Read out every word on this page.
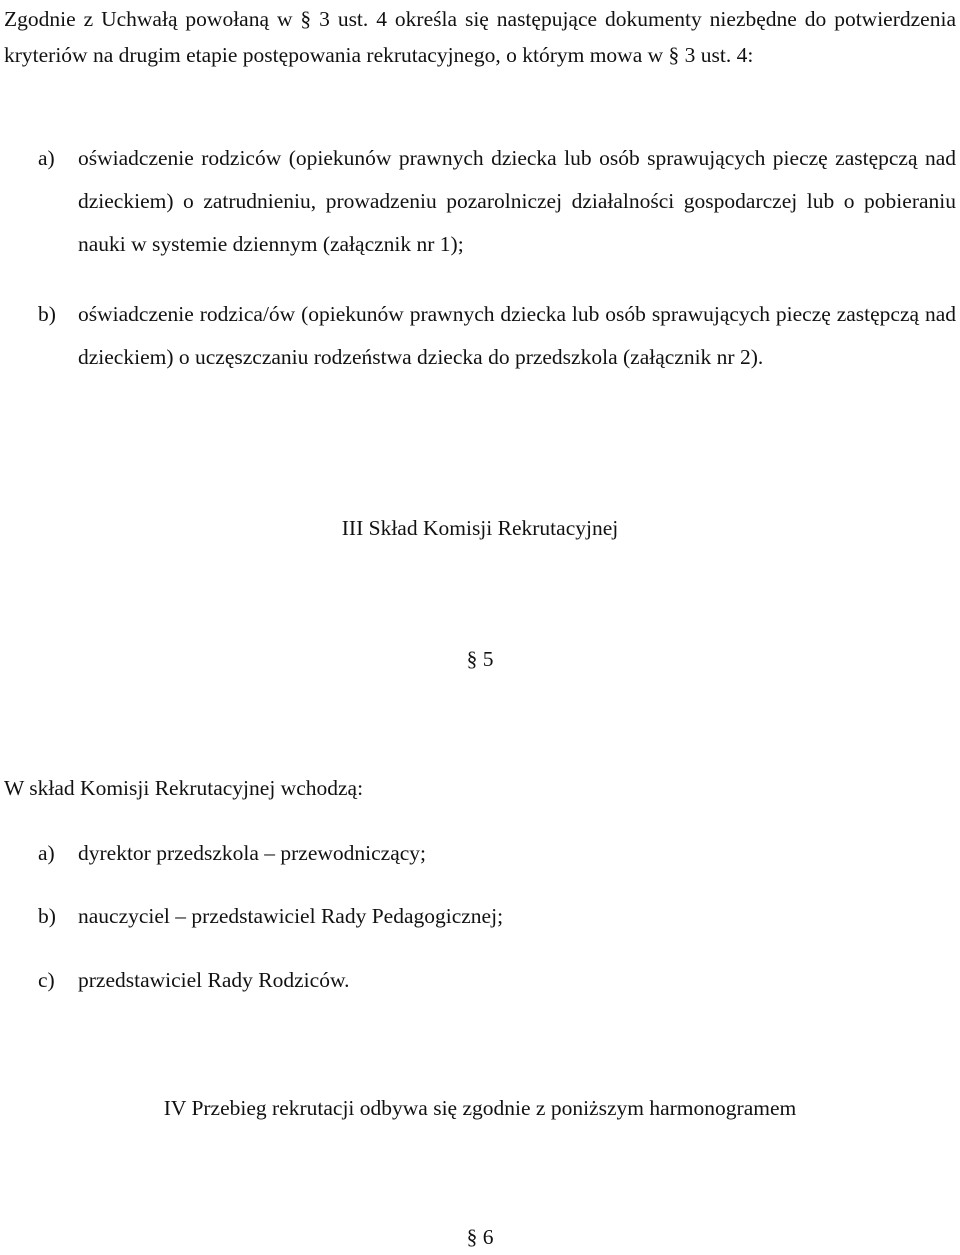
Zgodnie z Uchwałą powołaną w § 3 ust. 4 określa się następujące dokumenty niezbędne do potwierdzenia kryteriów na drugim etapie postępowania rekrutacyjnego, o którym mowa w § 3 ust. 4:

a) oświadczenie rodziców (opiekunów prawnych dziecka lub osób sprawujących pieczę zastępczą nad dzieckiem) o zatrudnieniu, prowadzeniu pozarolniczej działalności gospodarczej lub o pobieraniu nauki w systemie dziennym (załącznik nr 1);
b) oświadczenie rodzica/ów (opiekunów prawnych dziecka lub osób sprawujących pieczę zastępczą nad dzieckiem) o uczęszczaniu rodzeństwa dziecka do przedszkola (załącznik nr 2).
III Skład Komisji Rekrutacyjnej
§ 5
W skład Komisji Rekrutacyjnej wchodzą:
a) dyrektor przedszkola – przewodniczący;
b) nauczyciel – przedstawiciel Rady Pedagogicznej;
c) przedstawiciel Rady Rodziców.
IV Przebieg rekrutacji odbywa się zgodnie z poniższym harmonogramem
§ 6
